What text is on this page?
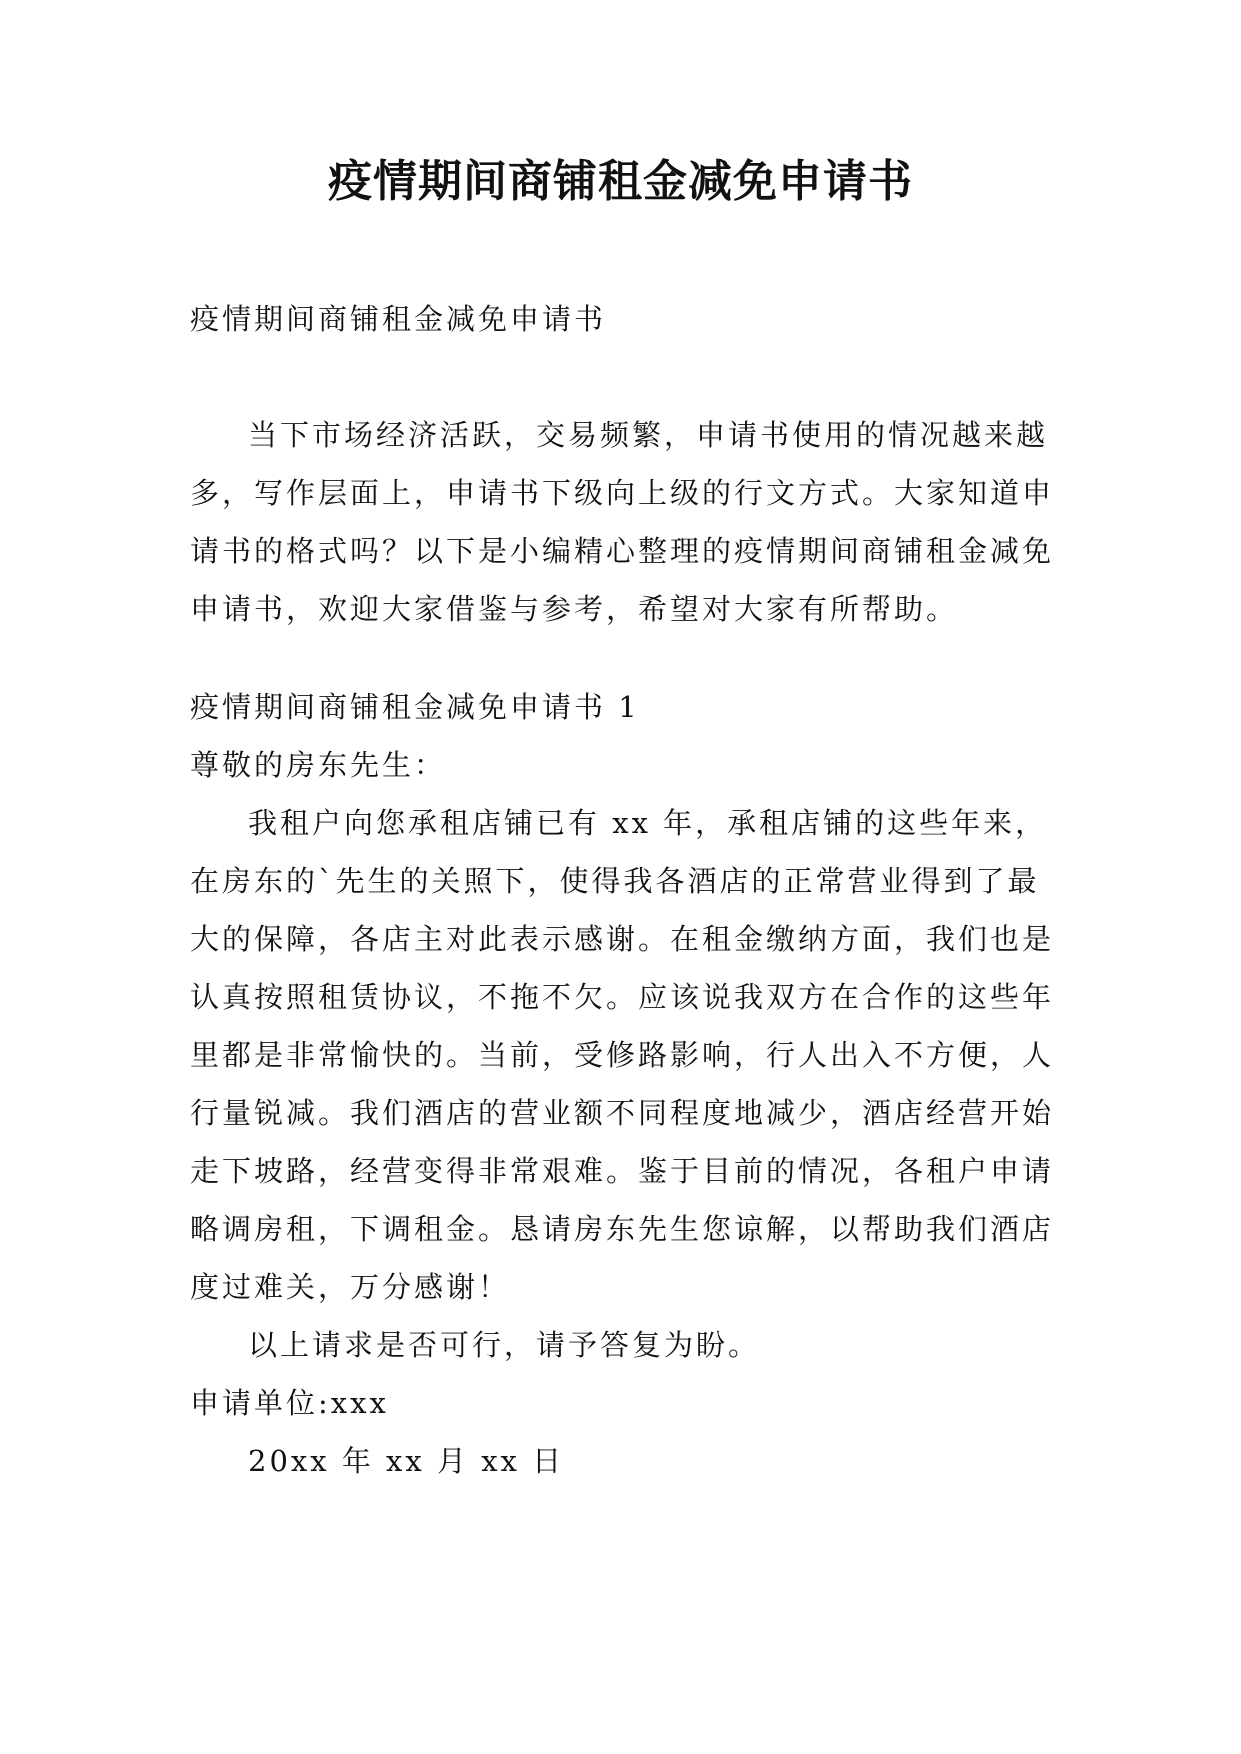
疫情期间商铺租金减免申请书

疫情期间商铺租金减免申请书

当下市场经济活跃，交易频繁，申请书使用的情况越来越多，写作层面上，申请书下级向上级的行文方式。大家知道申请书的格式吗？以下是小编精心整理的疫情期间商铺租金减免申请书，欢迎大家借鉴与参考，希望对大家有所帮助。

疫情期间商铺租金减免申请书 1

尊敬的房东先生：

我租户向您承租店铺已有 xx 年，承租店铺的这些年来，在房东的`先生的关照下，使得我各酒店的正常营业得到了最大的保障，各店主对此表示感谢。在租金缴纳方面，我们也是认真按照租赁协议，不拖不欠。应该说我双方在合作的这些年里都是非常愉快的。当前，受修路影响，行人出入不方便，人行量锐减。我们酒店的营业额不同程度地减少，酒店经营开始走下坡路，经营变得非常艰难。鉴于目前的情况，各租户申请略调房租，下调租金。恳请房东先生您谅解，以帮助我们酒店度过难关，万分感谢！

以上请求是否可行，请予答复为盼。

申请单位:xxx

20xx 年 xx 月 xx 日
